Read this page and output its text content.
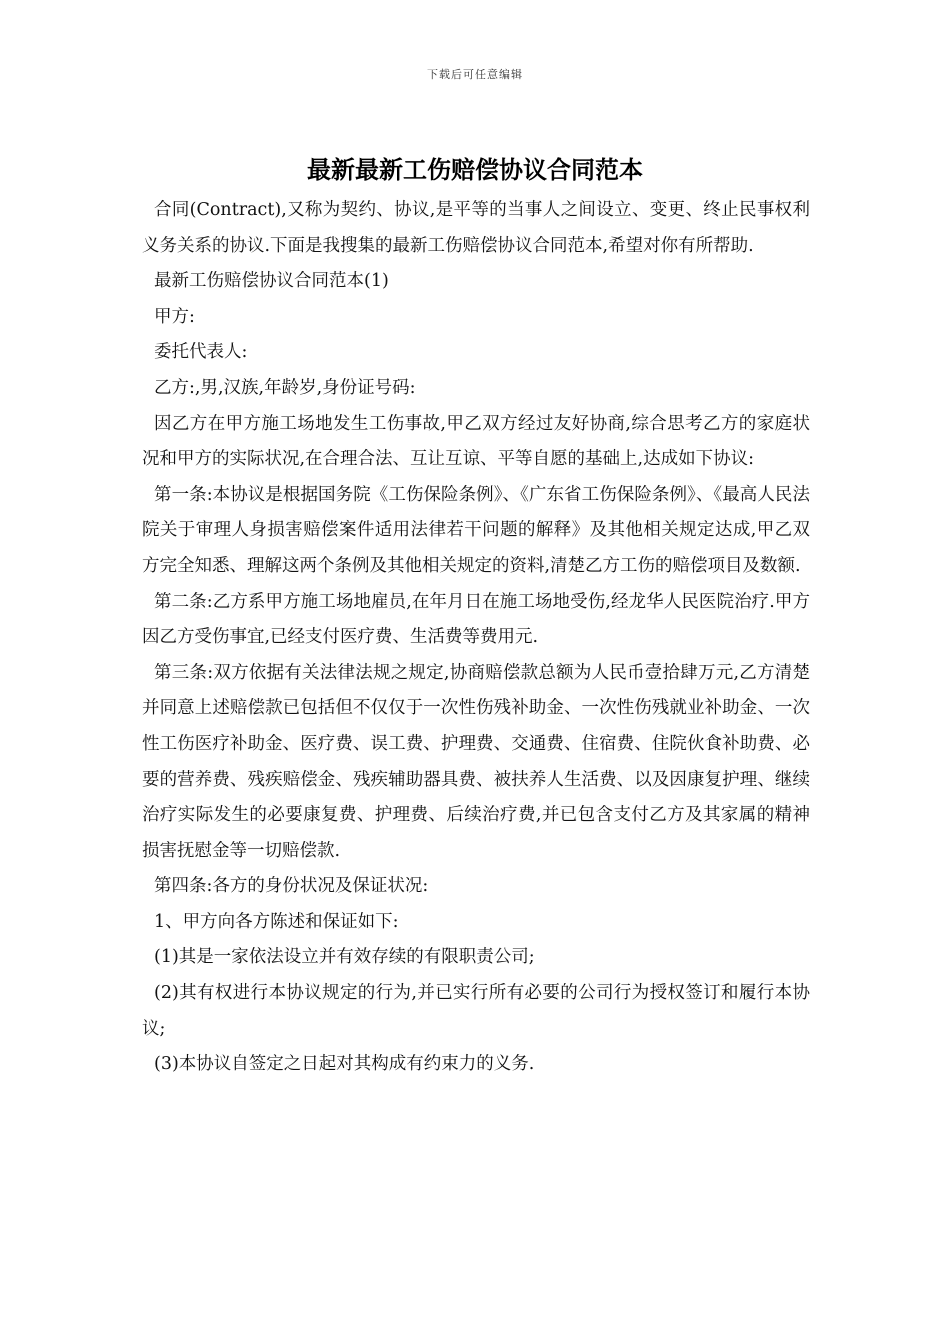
下载后可任意编辑
最新最新工伤赔偿协议合同范本

合同(Contract),又称为契约、协议,是平等的当事人之间设立、变更、终止民事权利义务关系的协议.下面是我搜集的最新工伤赔偿协议合同范本,希望对你有所帮助.

最新工伤赔偿协议合同范本(1)

甲方:

委托代表人:

乙方:,男,汉族,年龄岁,身份证号码:

因乙方在甲方施工场地发生工伤事故,甲乙双方经过友好协商,综合思考乙方的家庭状况和甲方的实际状况,在合理合法、互让互谅、平等自愿的基础上,达成如下协议:

第一条:本协议是根据国务院《工伤保险条例》、《广东省工伤保险条例》、《最高人民法院关于审理人身损害赔偿案件适用法律若干问题的解释》及其他相关规定达成,甲乙双方完全知悉、理解这两个条例及其他相关规定的资料,清楚乙方工伤的赔偿项目及数额.

第二条:乙方系甲方施工场地雇员,在年月日在施工场地受伤,经龙华人民医院治疗.甲方因乙方受伤事宜,已经支付医疗费、生活费等费用元.

第三条:双方依据有关法律法规之规定,协商赔偿款总额为人民币壹拾肆万元,乙方清楚并同意上述赔偿款已包括但不仅仅于一次性伤残补助金、一次性伤残就业补助金、一次性工伤医疗补助金、医疗费、误工费、护理费、交通费、住宿费、住院伙食补助费、必要的营养费、残疾赔偿金、残疾辅助器具费、被扶养人生活费、以及因康复护理、继续治疗实际发生的必要康复费、护理费、后续治疗费,并已包含支付乙方及其家属的精神损害抚慰金等一切赔偿款.

第四条:各方的身份状况及保证状况:

1、甲方向各方陈述和保证如下:

(1)其是一家依法设立并有效存续的有限职责公司;

(2)其有权进行本协议规定的行为,并已实行所有必要的公司行为授权签订和履行本协议;

(3)本协议自签定之日起对其构成有约束力的义务.
